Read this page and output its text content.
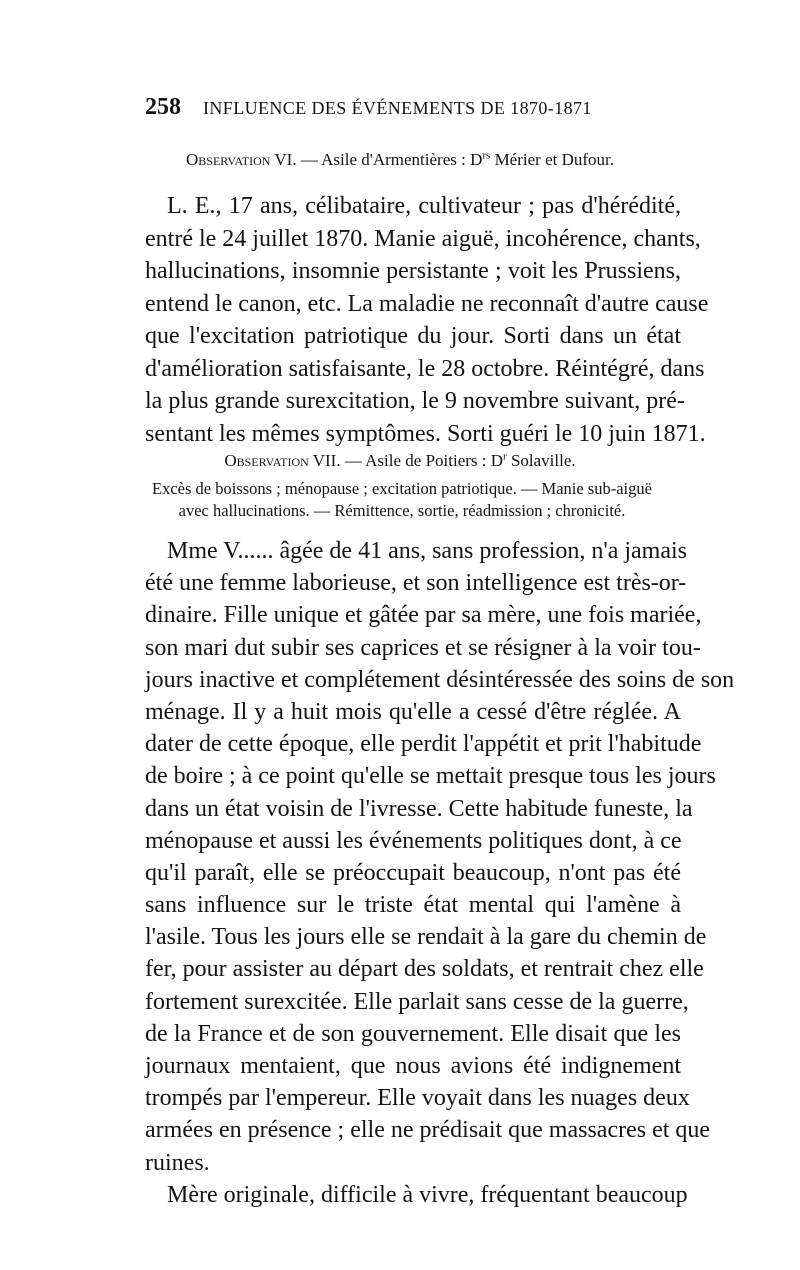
258 INFLUENCE DES ÉVÉNEMENTS DE 1870-1871
Observation VI. — Asile d'Armentières : $D^{rs}$ Mérier et Dufour.
L. E., 17 ans, célibataire, cultivateur ; pas d'hérédité,
entré le 24 juillet 1870. Manie aiguë, incohérence, chants,
hallucinations, insomnie persistante ; voit les Prussiens,
entend le canon, etc. La maladie ne reconnaît d'autre cause
que l'excitation patriotique du jour. Sorti dans un état
d'amélioration satisfaisante, le 28 octobre. Réintégré, dans
la plus grande surexcitation, le 9 novembre suivant, pré-
sentant les mêmes symptômes. Sorti guéri le 10 juin 1871.
Observation VII. — Asile de Poitiers : $D^r$ Solaville.
Excès de boissons ; ménopause ; excitation patriotique. — Manie sub-aiguë
avec hallucinations. — Rémittence, sortie, réadmission ; chronicité.
Mme V...... âgée de 41 ans, sans profession, n'a jamais
été une femme laborieuse, et son intelligence est très-or-
dinaire. Fille unique et gâtée par sa mère, une fois mariée,
son mari dut subir ses caprices et se résigner à la voir tou-
jours inactive et complétement désintéressée des soins de son
ménage. Il y a huit mois qu'elle a cessé d'être réglée. A
dater de cette époque, elle perdit l'appétit et prit l'habitude
de boire ; à ce point qu'elle se mettait presque tous les jours
dans un état voisin de l'ivresse. Cette habitude funeste, la
ménopause et aussi les événements politiques dont, à ce
qu'il paraît, elle se préoccupait beaucoup, n'ont pas été
sans influence sur le triste état mental qui l'amène à
l'asile. Tous les jours elle se rendait à la gare du chemin de
fer, pour assister au départ des soldats, et rentrait chez elle
fortement surexcitée. Elle parlait sans cesse de la guerre,
de la France et de son gouvernement. Elle disait que les
journaux mentaient, que nous avions été indignement
trompés par l'empereur. Elle voyait dans les nuages deux
armées en présence ; elle ne prédisait que massacres et que
ruines.
Mère originale, difficile à vivre, fréquentant beaucoup
